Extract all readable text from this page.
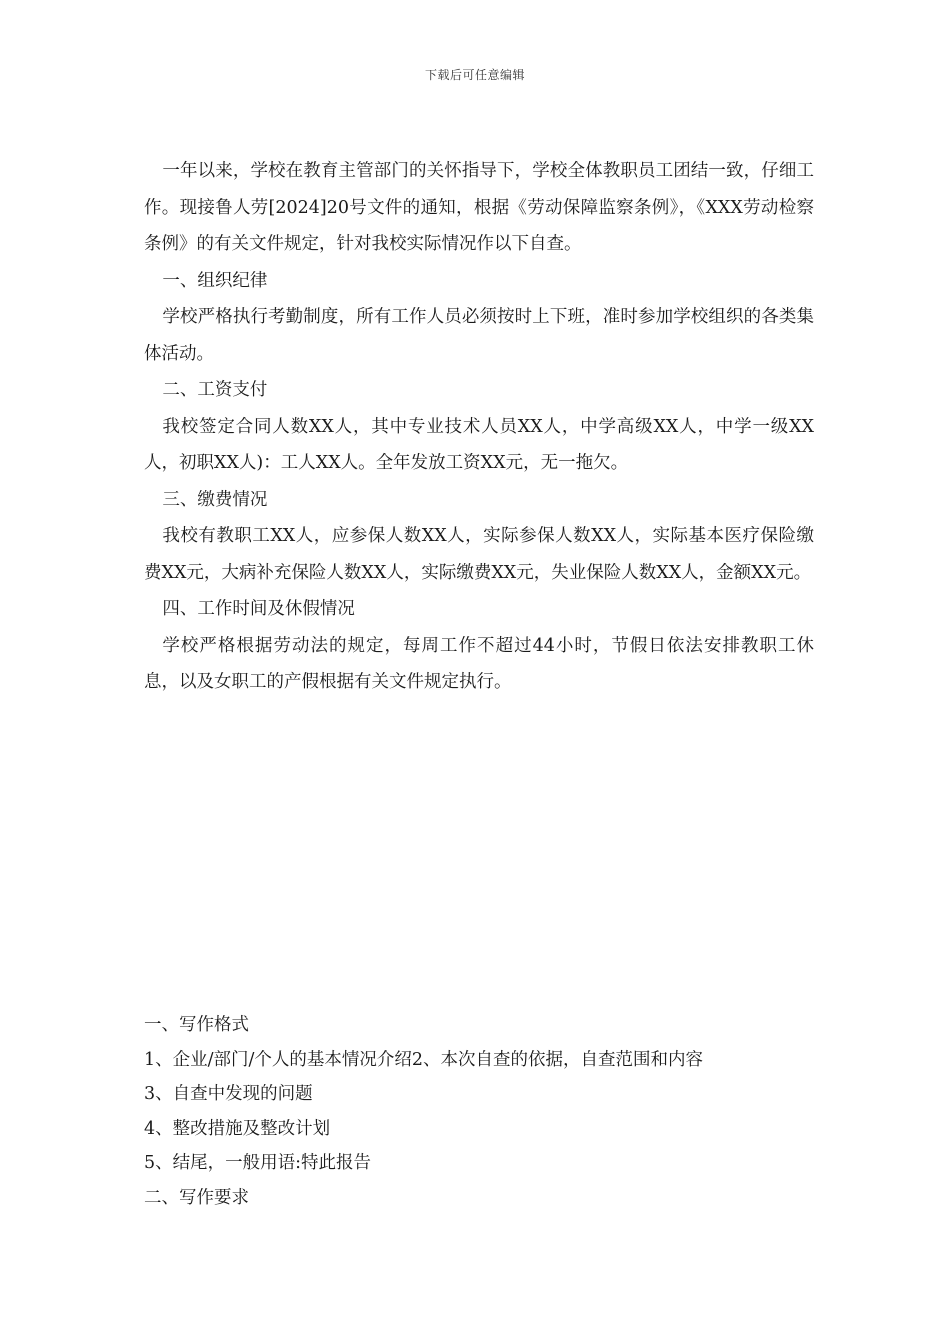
下载后可任意编辑

一年以来，学校在教育主管部门的关怀指导下，学校全体教职员工团结一致，仔细工作。现接鲁人劳[2024]20号文件的通知，根据《劳动保障监察条例》，《XXX劳动检察条例》的有关文件规定，针对我校实际情况作以下自查。

一、组织纪律

学校严格执行考勤制度，所有工作人员必须按时上下班，准时参加学校组织的各类集体活动。

二、工资支付

我校签定合同人数XX人，其中专业技术人员XX人，中学高级XX人，中学一级XX人，初职XX人)：工人XX人。全年发放工资XX元，无一拖欠。

三、缴费情况

我校有教职工XX人，应参保人数XX人，实际参保人数XX人，实际基本医疗保险缴费XX元，大病补充保险人数XX人，实际缴费XX元，失业保险人数XX人，金额XX元。

四、工作时间及休假情况

学校严格根据劳动法的规定，每周工作不超过44小时，节假日依法安排教职工休息，以及女职工的产假根据有关文件规定执行。

一、写作格式

1、企业/部门/个人的基本情况介绍2、本次自查的依据，自查范围和内容

3、自查中发现的问题

4、整改措施及整改计划

5、结尾，一般用语:特此报告

二、写作要求
